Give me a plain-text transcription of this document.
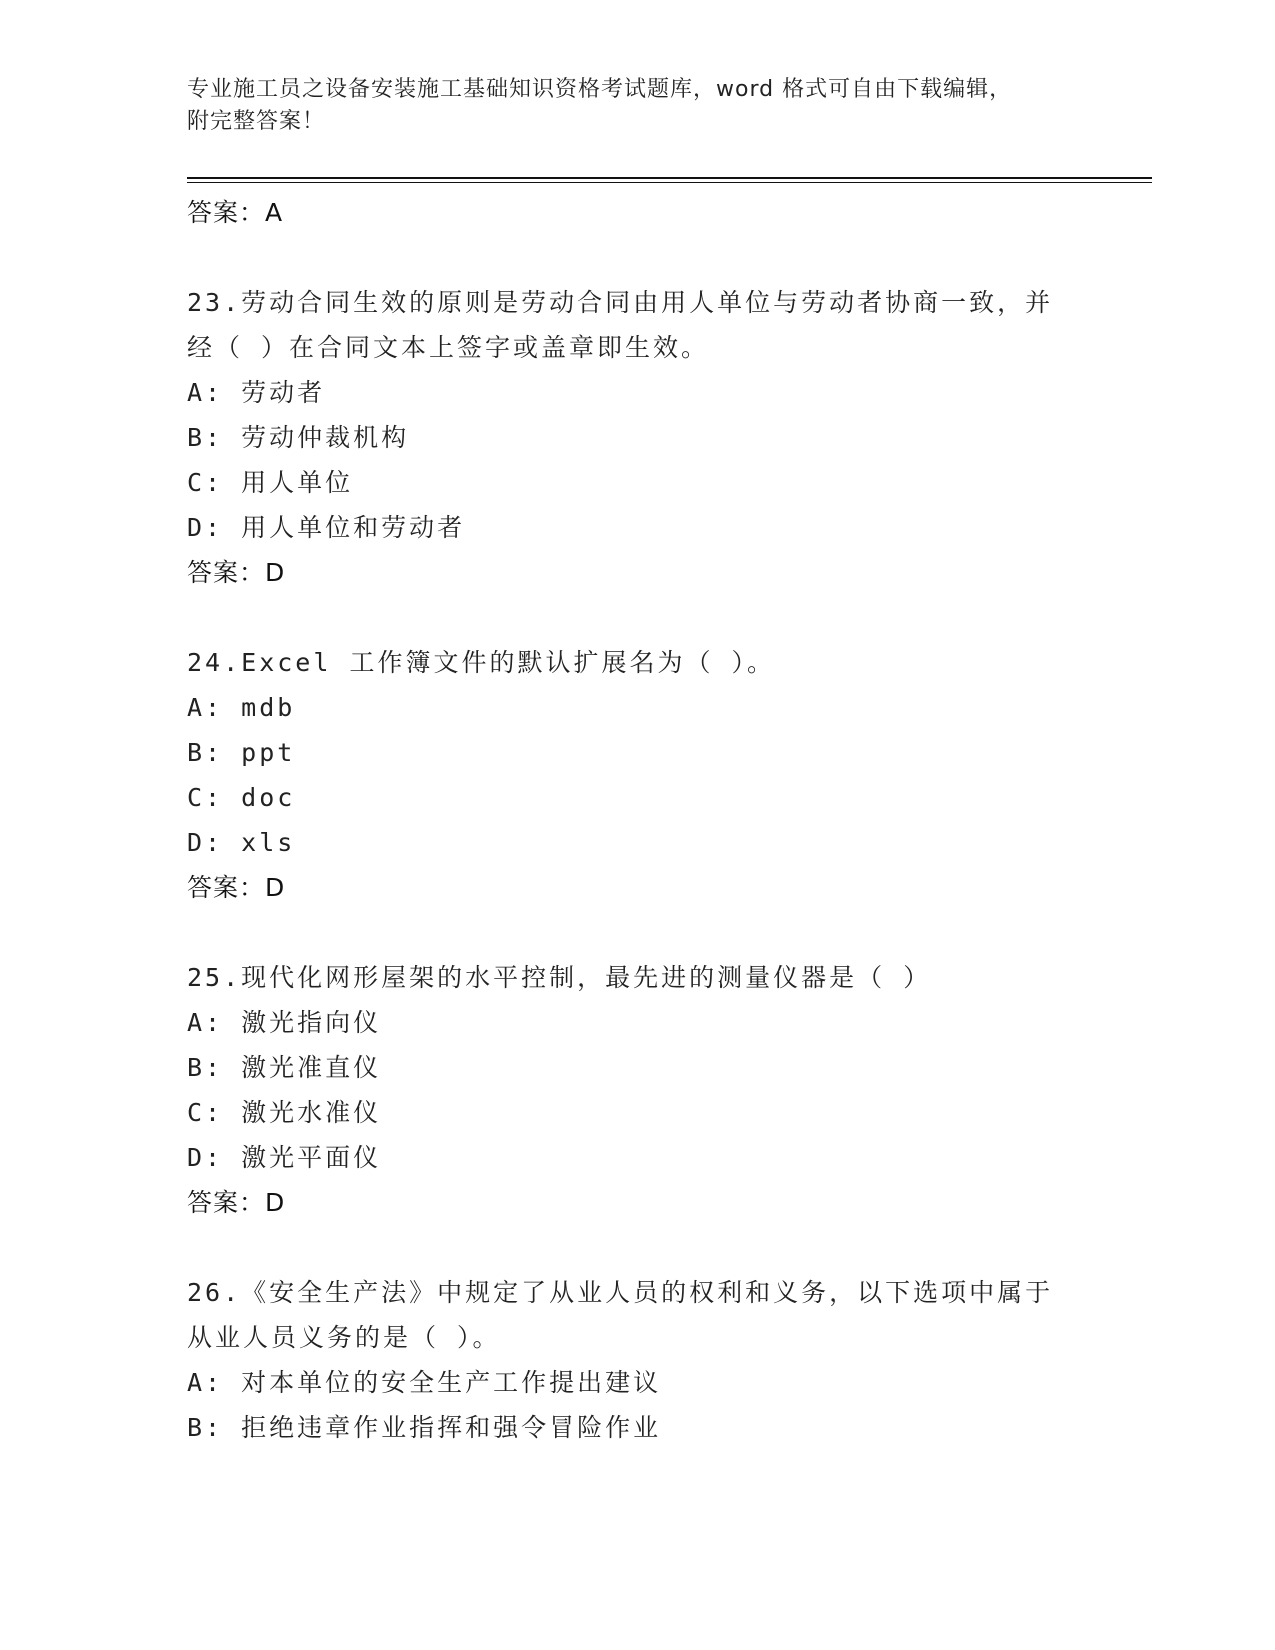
专业施工员之设备安装施工基础知识资格考试题库，word 格式可自由下载编辑，
附完整答案！
答案：A
23.劳动合同生效的原则是劳动合同由用人单位与劳动者协商一致，并
经（ ）在合同文本上签字或盖章即生效。
A: 劳动者
B: 劳动仲裁机构
C: 用人单位
D: 用人单位和劳动者
答案：D
24.Excel 工作簿文件的默认扩展名为（ ）。
A: mdb
B: ppt
C: doc
D: xls
答案：D
25.现代化网形屋架的水平控制，最先进的测量仪器是（ ）
A: 激光指向仪
B: 激光准直仪
C: 激光水准仪
D: 激光平面仪
答案：D
26.《安全生产法》中规定了从业人员的权利和义务，以下选项中属于
从业人员义务的是（ ）。
A: 对本单位的安全生产工作提出建议
B: 拒绝违章作业指挥和强令冒险作业
